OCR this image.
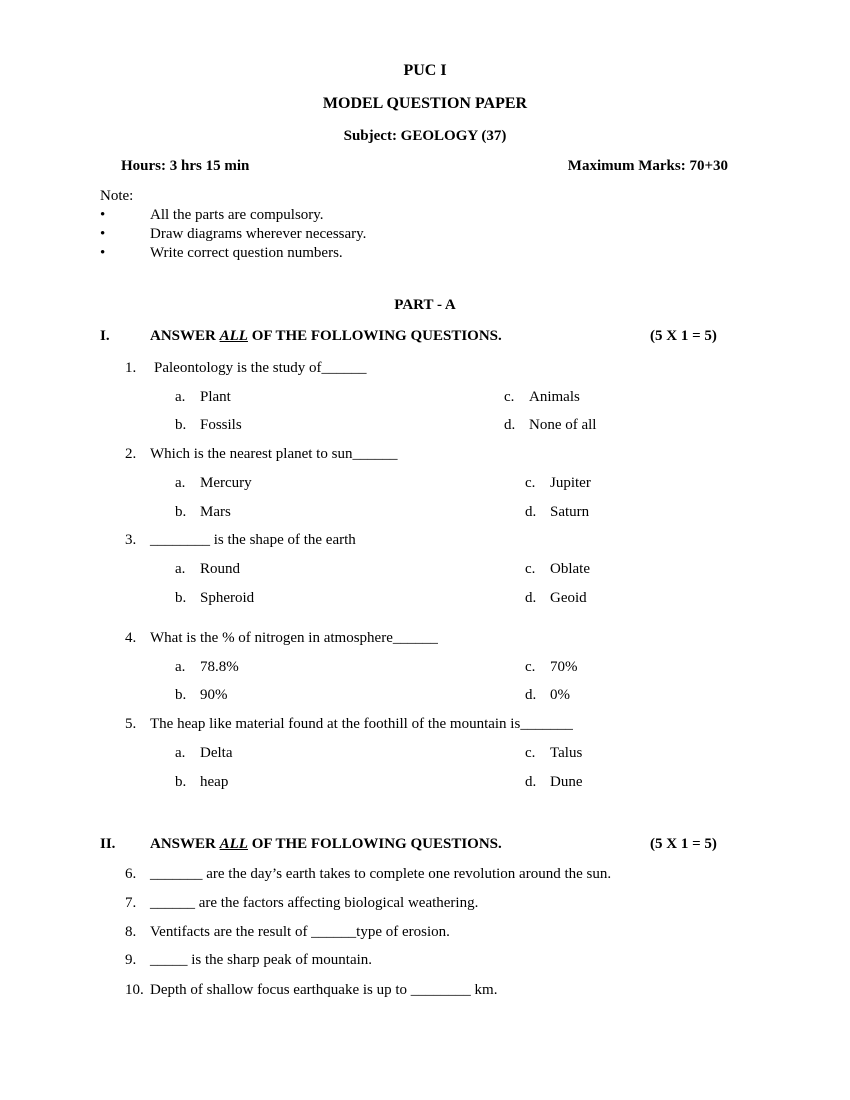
PUC I
MODEL QUESTION PAPER
Subject: GEOLOGY (37)
Hours: 3 hrs 15 min	Maximum Marks: 70+30
Note:
•	All the parts are compulsory.
•	Draw diagrams wherever necessary.
•	Write correct question numbers.
PART - A
I.	ANSWER ALL OF THE FOLLOWING QUESTIONS.	(5 X 1 = 5)
1. Paleontology is the study of______
a. Plant
b. Fossils
c. Animals
d. None of all
2. Which is the nearest planet to sun______
a. Mercury
b. Mars
c. Jupiter
d. Saturn
3. ________ is the shape of the earth
a. Round
b. Spheroid
c. Oblate
d. Geoid
4. What is the % of nitrogen in atmosphere______
a. 78.8%
b. 90%
c. 70%
d. 0%
5. The heap like material found at the foothill of the mountain is_______
a. Delta
b. heap
c. Talus
d. Dune
II. ANSWER ALL OF THE FOLLOWING QUESTIONS.	(5 X 1 = 5)
6. _______ are the day’s earth takes to complete one revolution around the sun.
7. ______ are the factors affecting biological weathering.
8. Ventifacts are the result of ______type of erosion.
9. _____ is the sharp peak of mountain.
10. Depth of shallow focus earthquake is up to ________ km.
